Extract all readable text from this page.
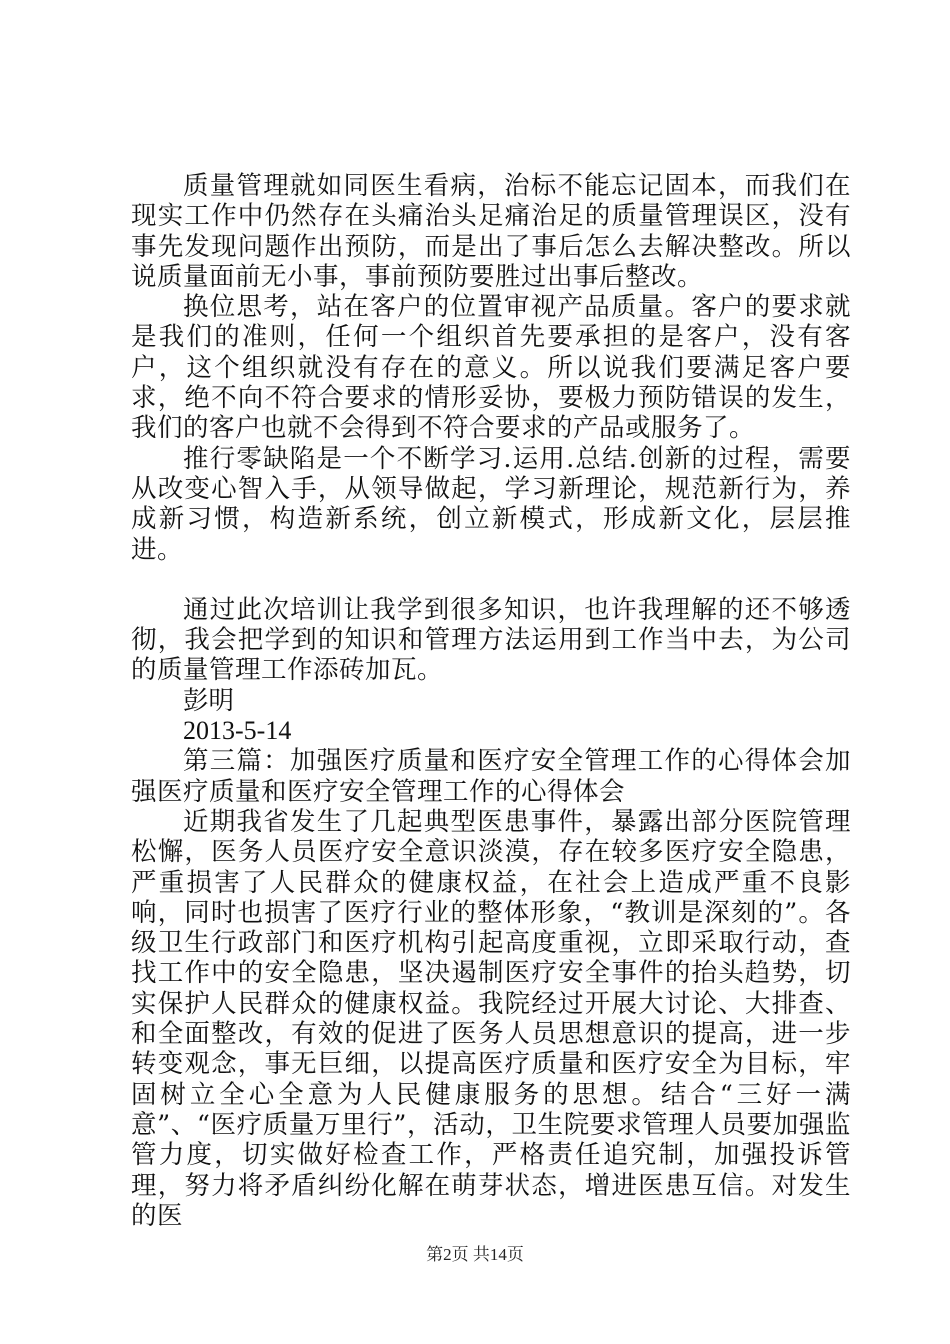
质量管理就如同医生看病，治标不能忘记固本，而我们在现实工作中仍然存在头痛治头足痛治足的质量管理误区，没有事先发现问题作出预防，而是出了事后怎么去解决整改。所以说质量面前无小事，事前预防要胜过出事后整改。

换位思考，站在客户的位置审视产品质量。客户的要求就是我们的准则，任何一个组织首先要承担的是客户，没有客户，这个组织就没有存在的意义。所以说我们要满足客户要求，绝不向不符合要求的情形妥协，要极力预防错误的发生，我们的客户也就不会得到不符合要求的产品或服务了。

推行零缺陷是一个不断学习.运用.总结.创新的过程，需要从改变心智入手，从领导做起，学习新理论，规范新行为，养成新习惯，构造新系统，创立新模式，形成新文化，层层推进。

通过此次培训让我学到很多知识，也许我理解的还不够透彻，我会把学到的知识和管理方法运用到工作当中去，为公司的质量管理工作添砖加瓦。

彭明

2013-5-14

第三篇：加强医疗质量和医疗安全管理工作的心得体会加强医疗质量和医疗安全管理工作的心得体会

近期我省发生了几起典型医患事件，暴露出部分医院管理松懈，医务人员医疗安全意识淡漠，存在较多医疗安全隐患，严重损害了人民群众的健康权益，在社会上造成严重不良影响，同时也损害了医疗行业的整体形象，“教训是深刻的”。各级卫生行政部门和医疗机构引起高度重视，立即采取行动，查找工作中的安全隐患，坚决遏制医疗安全事件的抬头趋势，切实保护人民群众的健康权益。我院经过开展大讨论、大排查、和全面整改，有效的促进了医务人员思想意识的提高，进一步转变观念，事无巨细，以提高医疗质量和医疗安全为目标，牢固树立全心全意为人民健康服务的思想。结合“三好一满意”、“医疗质量万里行”，活动，卫生院要求管理人员要加强监管力度，切实做好检查工作，严格责任追究制，加强投诉管理，努力将矛盾纠纷化解在萌芽状态，增进医患互信。对发生的医

第2页 共14页
